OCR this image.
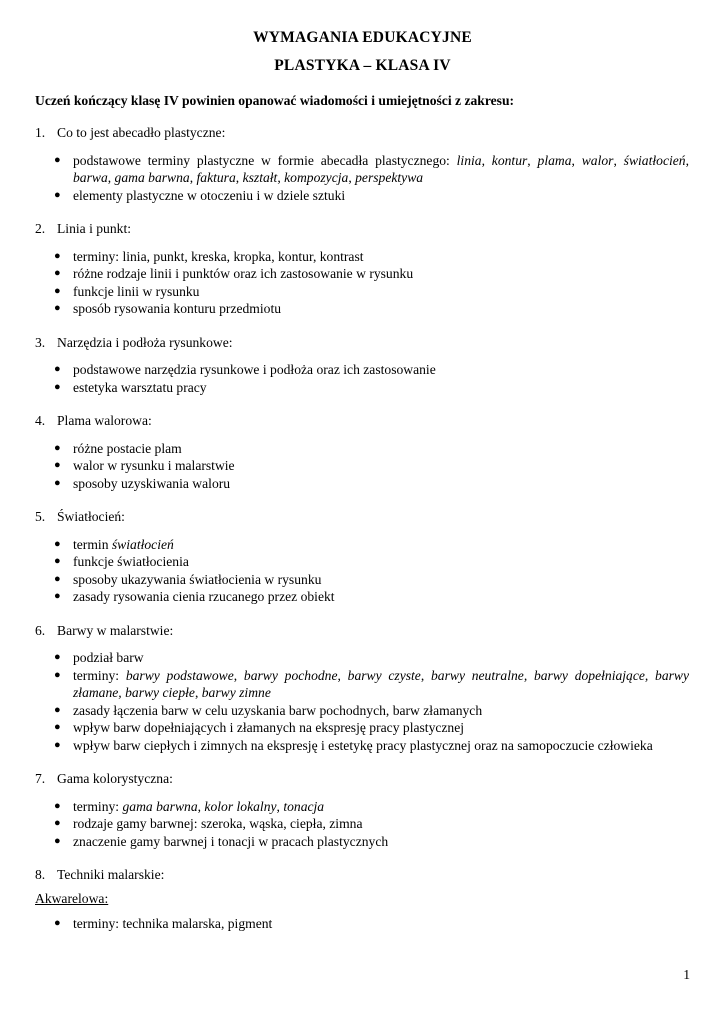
WYMAGANIA EDUKACYJNE
PLASTYKA – KLASA IV
Uczeń kończący klasę IV powinien opanować wiadomości i umiejętności z zakresu:
1. Co to jest abecadło plastyczne:
● podstawowe terminy plastyczne w formie abecadła plastycznego: linia, kontur, plama, walor, światłocień, barwa, gama barwna, faktura, kształt, kompozycja, perspektywa
● elementy plastyczne w otoczeniu i w dziele sztuki
2. Linia i punkt:
● terminy: linia, punkt, kreska, kropka, kontur, kontrast
● różne rodzaje linii i punktów oraz ich zastosowanie w rysunku
● funkcje linii w rysunku
● sposób rysowania konturu przedmiotu
3. Narzędzia i podłoża rysunkowe:
● podstawowe narzędzia rysunkowe i podłoża oraz ich zastosowanie
● estetyka warsztatu pracy
4. Plama walorowa:
● różne postacie plam
● walor w rysunku i malarstwie
● sposoby uzyskiwania waloru
5. Światłocień:
● termin światłocień
● funkcje światłocienia
● sposoby ukazywania światłocienia w rysunku
● zasady rysowania cienia rzucanego przez obiekt
6. Barwy w malarstwie:
● podział barw
● terminy: barwy podstawowe, barwy pochodne, barwy czyste, barwy neutralne, barwy dopełniające, barwy złamane, barwy ciepłe, barwy zimne
● zasady łączenia barw w celu uzyskania barw pochodnych, barw złamanych
● wpływ barw dopełniających i złamanych na ekspresję pracy plastycznej
● wpływ barw ciepłych i zimnych na ekspresję i estetykę pracy plastycznej oraz na samopoczucie człowieka
7. Gama kolorystyczna:
● terminy: gama barwna, kolor lokalny, tonacja
● rodzaje gamy barwnej: szeroka, wąska, ciepła, zimna
● znaczenie gamy barwnej i tonacji w pracach plastycznych
8. Techniki malarskie:
Akwarelowa:
● terminy: technika malarska, pigment
1
